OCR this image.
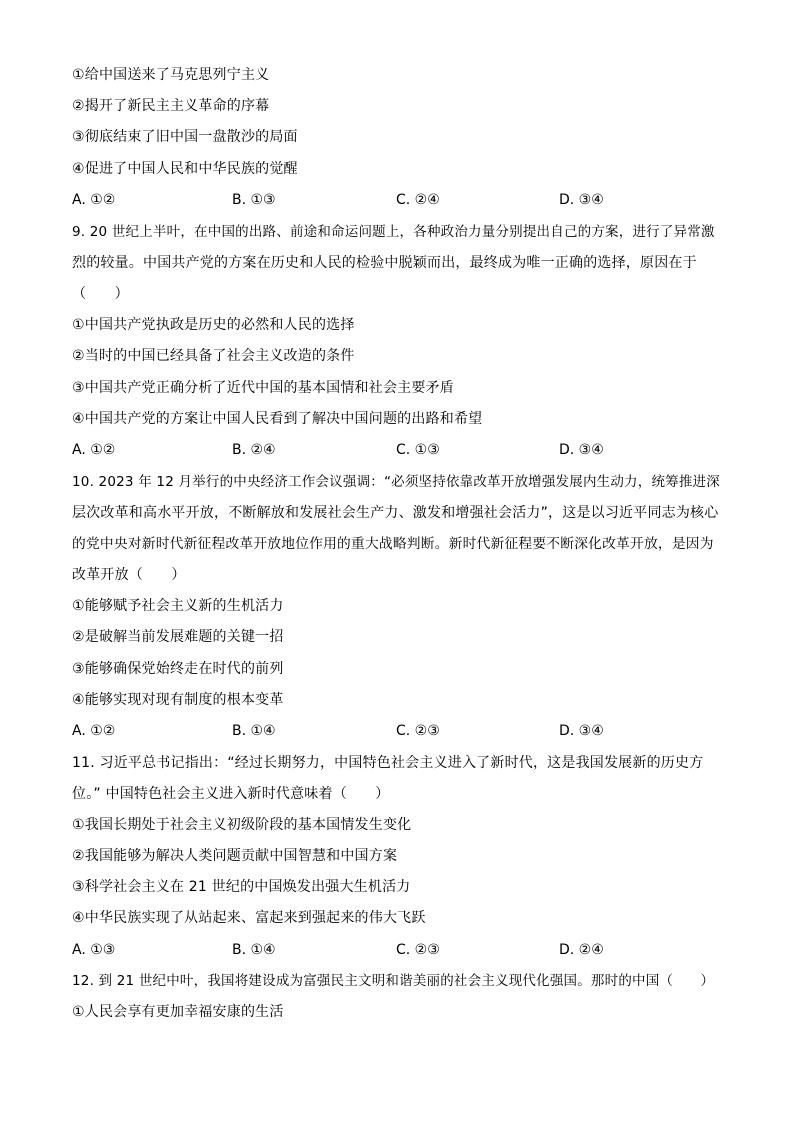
①给中国送来了马克思列宁主义
②揭开了新民主主义革命的序幕
③彻底结束了旧中国一盘散沙的局面
④促进了中国人民和中华民族的觉醒
A. ①②	B. ①③	C. ②④	D. ③④
9. 20 世纪上半叶，在中国的出路、前途和命运问题上，各种政治力量分别提出自己的方案，进行了异常激
烈的较量。中国共产党的方案在历史和人民的检验中脱颖而出，最终成为唯一正确的选择，原因在于
（　　）
①中国共产党执政是历史的必然和人民的选择
②当时的中国已经具备了社会主义改造的条件
③中国共产党正确分析了近代中国的基本国情和社会主要矛盾
④中国共产党的方案让中国人民看到了解决中国问题的出路和希望
A. ①②	B. ②④	C. ①③	D. ③④
10. 2023 年 12 月举行的中央经济工作会议强调：“必须坚持依靠改革开放增强发展内生动力，统筹推进深
层次改革和高水平开放，不断解放和发展社会生产力、激发和增强社会活力”，这是以习近平同志为核心
的党中央对新时代新征程改革开放地位作用的重大战略判断。新时代新征程要不断深化改革开放，是因为
改革开放（　　）
①能够赋予社会主义新的生机活力
②是破解当前发展难题的关键一招
③能够确保党始终走在时代的前列
④能够实现对现有制度的根本变革
A. ①②	B. ①④	C. ②③	D. ③④
11. 习近平总书记指出：“经过长期努力，中国特色社会主义进入了新时代，这是我国发展新的历史方
位。” 中国特色社会主义进入新时代意味着（　　）
①我国长期处于社会主义初级阶段的基本国情发生变化
②我国能够为解决人类问题贡献中国智慧和中国方案
③科学社会主义在 21 世纪的中国焕发出强大生机活力
④中华民族实现了从站起来、富起来到强起来的伟大飞跃
A. ①③	B. ①④	C. ②③	D. ②④
12. 到 21 世纪中叶，我国将建设成为富强民主文明和谐美丽的社会主义现代化强国。那时的中国（　　）
①人民会享有更加幸福安康的生活
